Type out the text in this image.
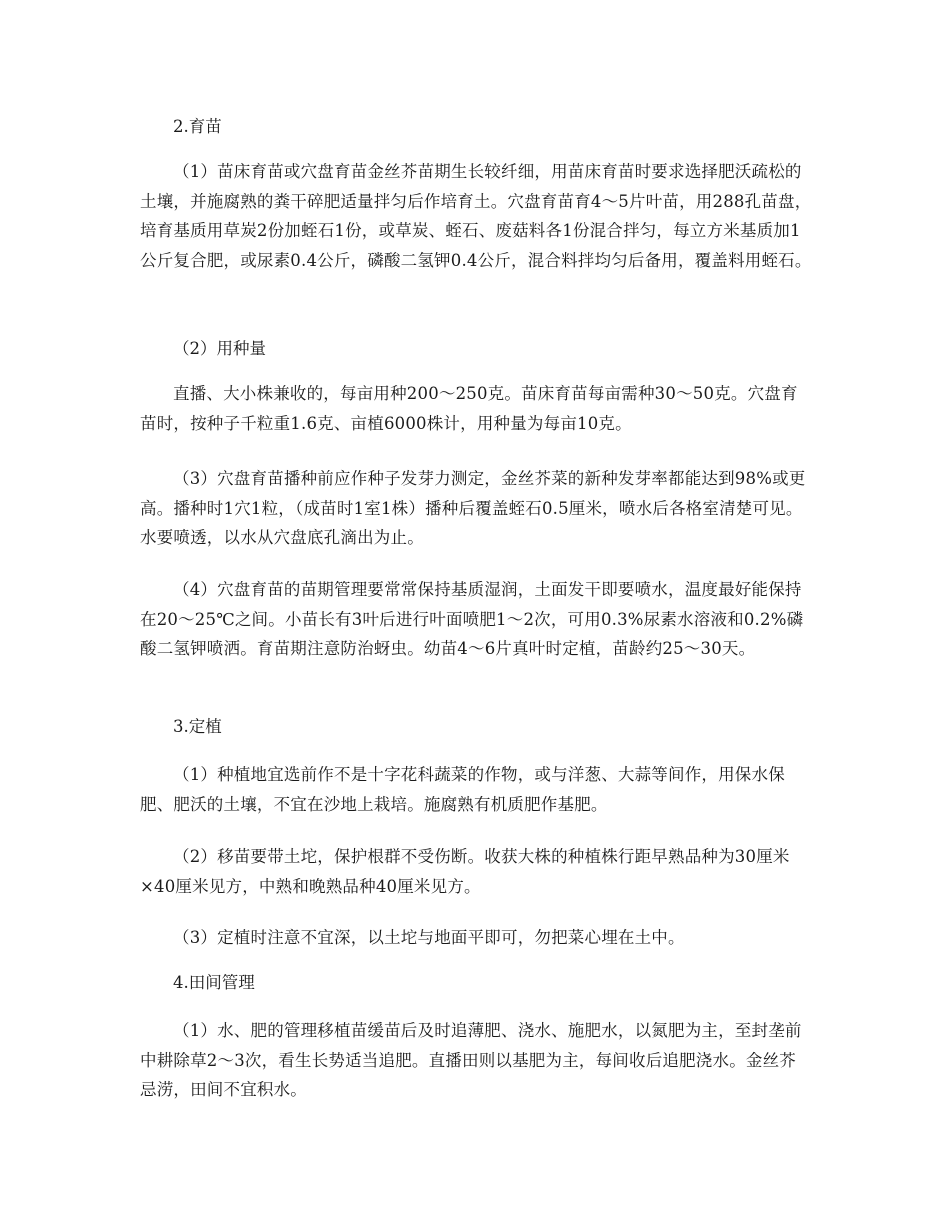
2.育苗

（1）苗床育苗或穴盘育苗金丝芥苗期生长较纤细，用苗床育苗时要求选择肥沃疏松的土壤，并施腐熟的粪干碎肥适量拌匀后作培育土。穴盘育苗育4～5片叶苗，用288孔苗盘，培育基质用草炭2份加蛭石1份，或草炭、蛭石、废菇料各1份混合拌匀，每立方米基质加1公斤复合肥，或尿素0.4公斤，磷酸二氢钾0.4公斤，混合料拌均匀后备用，覆盖料用蛭石。

（2）用种量

直播、大小株兼收的，每亩用种200～250克。苗床育苗每亩需种30～50克。穴盘育苗时，按种子千粒重1.6克、亩植6000株计，用种量为每亩10克。

（3）穴盘育苗播种前应作种子发芽力测定，金丝芥菜的新种发芽率都能达到98%或更高。播种时1穴1粒，（成苗时1室1株）播种后覆盖蛭石0.5厘米，喷水后各格室清楚可见。水要喷透，以水从穴盘底孔滴出为止。

（4）穴盘育苗的苗期管理要常常保持基质湿润，土面发干即要喷水，温度最好能保持在20～25℃之间。小苗长有3叶后进行叶面喷肥1～2次，可用0.3%尿素水溶液和0.2%磷酸二氢钾喷洒。育苗期注意防治蚜虫。幼苗4～6片真叶时定植，苗龄约25～30天。

3.定植

（1）种植地宜选前作不是十字花科蔬菜的作物，或与洋葱、大蒜等间作，用保水保肥、肥沃的土壤，不宜在沙地上栽培。施腐熟有机质肥作基肥。

（2）移苗要带土坨，保护根群不受伤断。收获大株的种植株行距早熟品种为30厘米×40厘米见方，中熟和晚熟品种40厘米见方。

（3）定植时注意不宜深，以土坨与地面平即可，勿把菜心埋在土中。

4.田间管理

（1）水、肥的管理移植苗缓苗后及时追薄肥、浇水、施肥水，以氮肥为主，至封垄前中耕除草2～3次，看生长势适当追肥。直播田则以基肥为主，每间收后追肥浇水。金丝芥忌涝，田间不宜积水。
